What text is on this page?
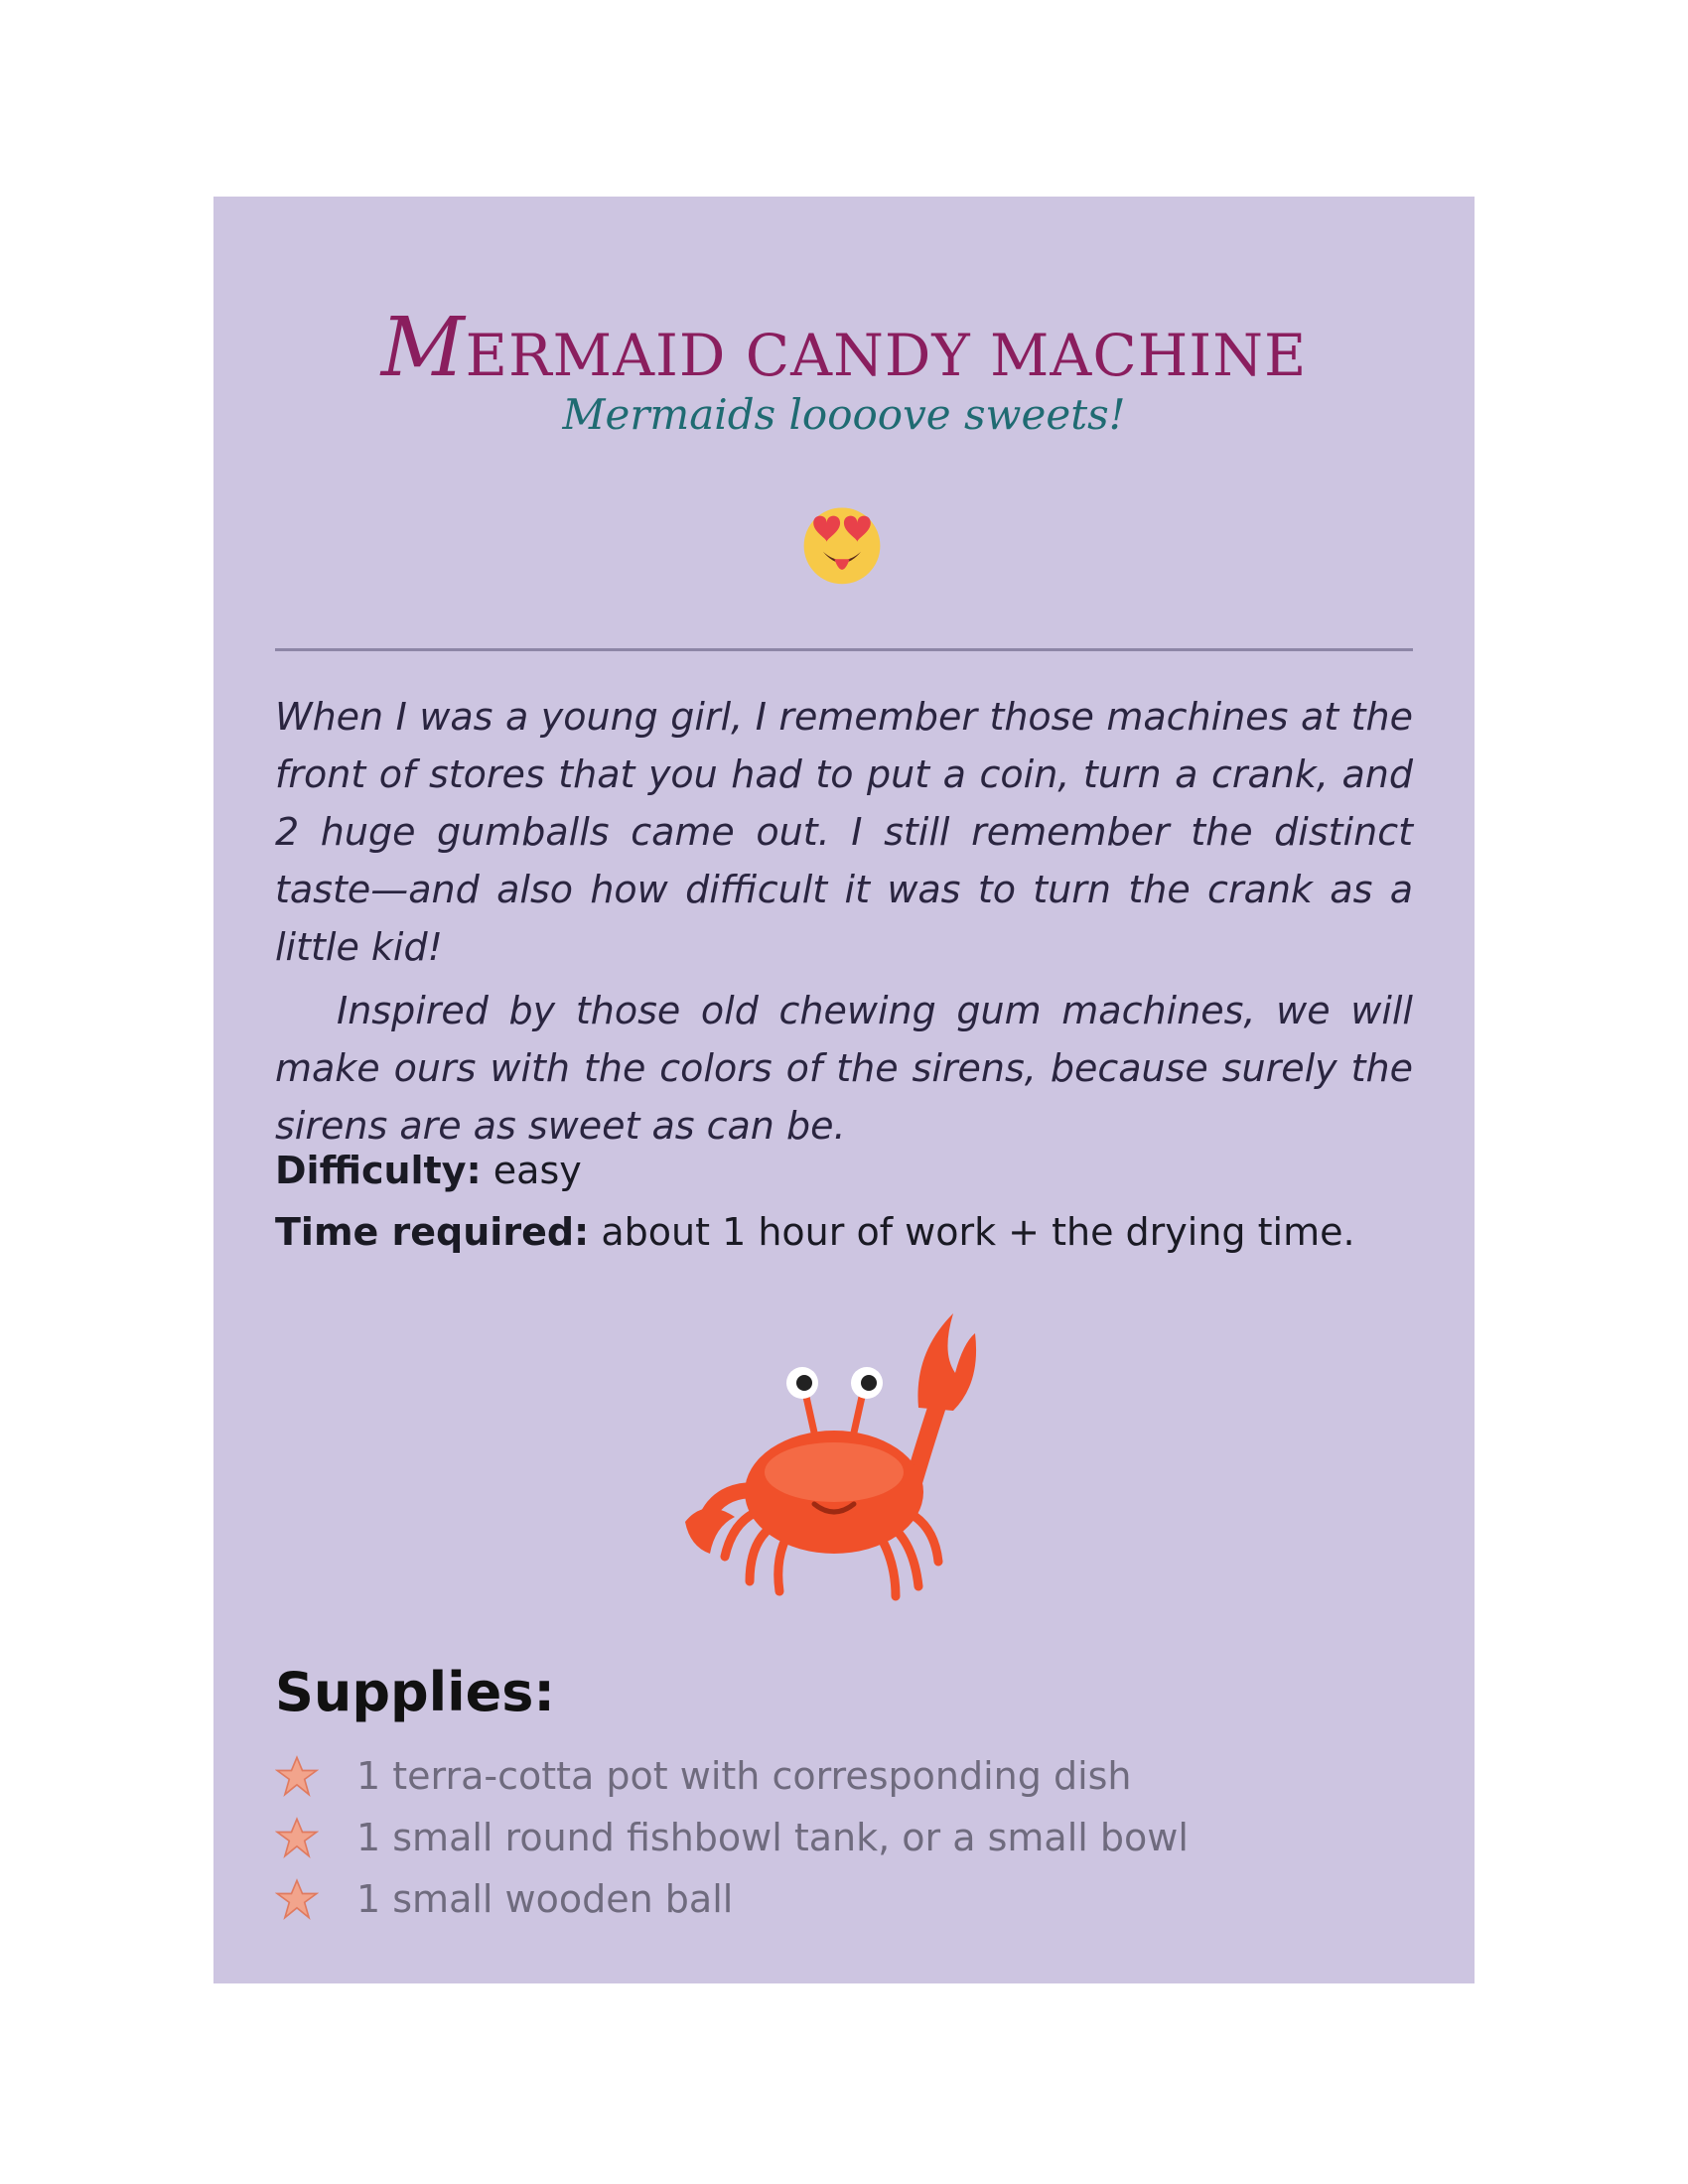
MERMAID CANDY MACHINE
Mermaids loooove sweets!

When I was a young girl, I remember those machines at the front of stores that you had to put a coin, turn a crank, and 2 huge gumballs came out. I still remember the distinct taste—and also how difficult it was to turn the crank as a little kid!

Inspired by those old chewing gum machines, we will make ours with the colors of the sirens, because surely the sirens are as sweet as can be.

Difficulty: easy
Time required: about 1 hour of work + the drying time.
Supplies:
1 terra-cotta pot with corresponding dish
1 small round fishbowl tank, or a small bowl
1 small wooden ball
